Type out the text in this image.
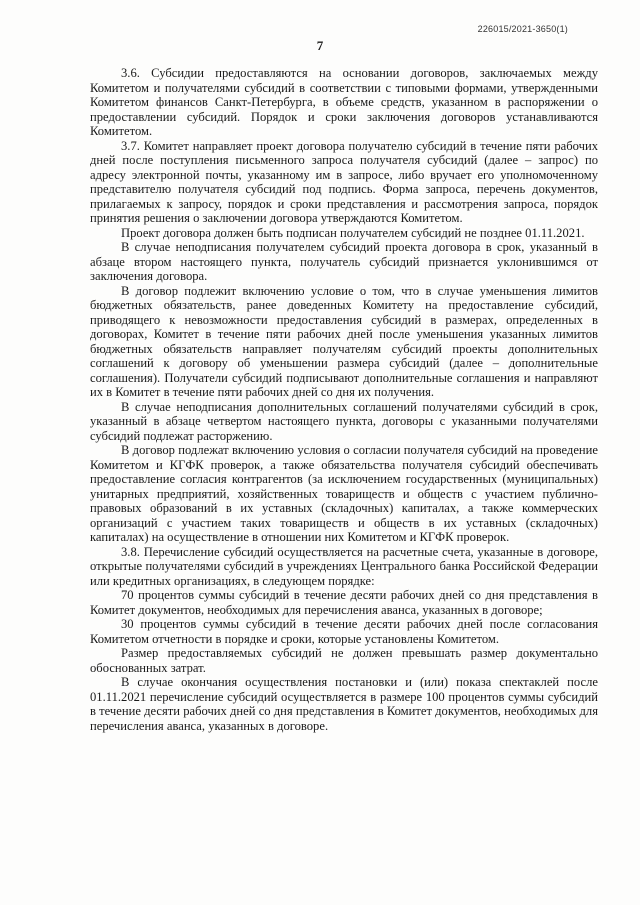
226015/2021-3650(1)
7

3.6. Субсидии предоставляются на основании договоров, заключаемых между Комитетом и получателями субсидий в соответствии с типовыми формами, утвержденными Комитетом финансов Санкт-Петербурга, в объеме средств, указанном в распоряжении о предоставлении субсидий. Порядок и сроки заключения договоров устанавливаются Комитетом.

3.7. Комитет направляет проект договора получателю субсидий в течение пяти рабочих дней после поступления письменного запроса получателя субсидий (далее – запрос) по адресу электронной почты, указанному им в запросе, либо вручает его уполномоченному представителю получателя субсидий под подпись. Форма запроса, перечень документов, прилагаемых к запросу, порядок и сроки представления и рассмотрения запроса, порядок принятия решения о заключении договора утверждаются Комитетом.

Проект договора должен быть подписан получателем субсидий не позднее 01.11.2021.

В случае неподписания получателем субсидий проекта договора в срок, указанный в абзаце втором настоящего пункта, получатель субсидий признается уклонившимся от заключения договора.

В договор подлежит включению условие о том, что в случае уменьшения лимитов бюджетных обязательств, ранее доведенных Комитету на предоставление субсидий, приводящего к невозможности предоставления субсидий в размерах, определенных в договорах, Комитет в течение пяти рабочих дней после уменьшения указанных лимитов бюджетных обязательств направляет получателям субсидий проекты дополнительных соглашений к договору об уменьшении размера субсидий (далее – дополнительные соглашения). Получатели субсидий подписывают дополнительные соглашения и направляют их в Комитет в течение пяти рабочих дней со дня их получения.

В случае неподписания дополнительных соглашений получателями субсидий в срок, указанный в абзаце четвертом настоящего пункта, договоры с указанными получателями субсидий подлежат расторжению.

В договор подлежат включению условия о согласии получателя субсидий на проведение Комитетом и КГФК проверок, а также обязательства получателя субсидий обеспечивать предоставление согласия контрагентов (за исключением государственных (муниципальных) унитарных предприятий, хозяйственных товариществ и обществ с участием публично-правовых образований в их уставных (складочных) капиталах, а также коммерческих организаций с участием таких товариществ и обществ в их уставных (складочных) капиталах) на осуществление в отношении них Комитетом и КГФК проверок.

3.8. Перечисление субсидий осуществляется на расчетные счета, указанные в договоре, открытые получателями субсидий в учреждениях Центрального банка Российской Федерации или кредитных организациях, в следующем порядке:

70 процентов суммы субсидий в течение десяти рабочих дней со дня представления в Комитет документов, необходимых для перечисления аванса, указанных в договоре;

30 процентов суммы субсидий в течение десяти рабочих дней после согласования Комитетом отчетности в порядке и сроки, которые установлены Комитетом.

Размер предоставляемых субсидий не должен превышать размер документально обоснованных затрат.

В случае окончания осуществления постановки и (или) показа спектаклей после 01.11.2021 перечисление субсидий осуществляется в размере 100 процентов суммы субсидий в течение десяти рабочих дней со дня представления в Комитет документов, необходимых для перечисления аванса, указанных в договоре.
